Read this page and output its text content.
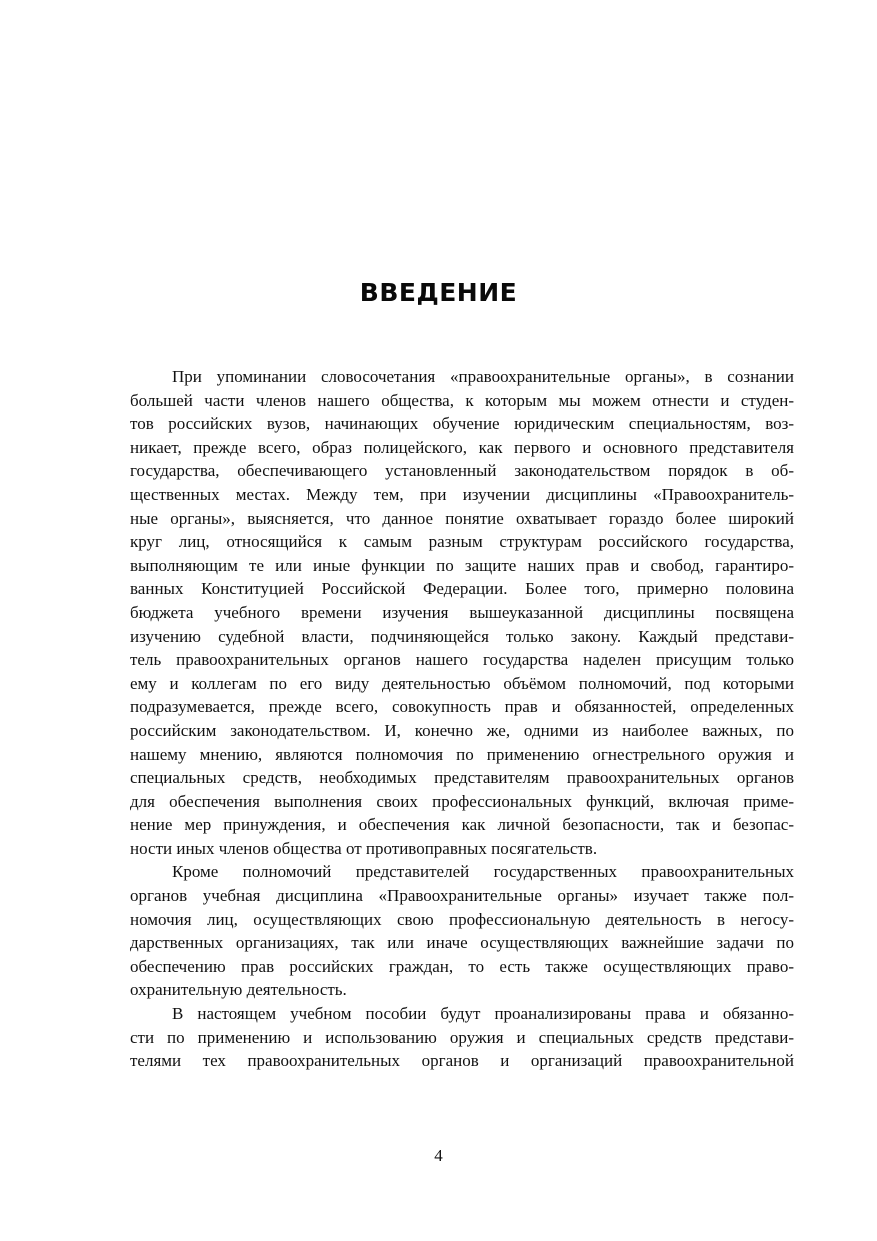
ВВЕДЕНИЕ
При упоминании словосочетания «правоохранительные органы», в сознании
большей части членов нашего общества, к которым мы можем отнести и студен-
тов российских вузов, начинающих обучение юридическим специальностям, воз-
никает, прежде всего, образ полицейского, как первого и основного представителя
государства, обеспечивающего установленный законодательством порядок в об-
щественных местах. Между тем, при изучении дисциплины «Правоохранитель-
ные органы», выясняется, что данное понятие охватывает гораздо более широкий
круг лиц, относящийся к самым разным структурам российского государства,
выполняющим те или иные функции по защите наших прав и свобод, гарантиро-
ванных Конституцией Российской Федерации. Более того, примерно половина
бюджета учебного времени изучения вышеуказанной дисциплины посвящена
изучению судебной власти, подчиняющейся только закону. Каждый представи-
тель правоохранительных органов нашего государства наделен присущим только
ему и коллегам по его виду деятельностью объёмом полномочий, под которыми
подразумевается, прежде всего, совокупность прав и обязанностей, определенных
российским законодательством. И, конечно же, одними из наиболее важных, по
нашему мнению, являются полномочия по применению огнестрельного оружия и
специальных средств, необходимых представителям правоохранительных органов
для обеспечения выполнения своих профессиональных функций, включая приме-
нение мер принуждения, и обеспечения как личной безопасности, так и безопас-
ности иных членов общества от противоправных посягательств.
Кроме полномочий представителей государственных правоохранительных
органов учебная дисциплина «Правоохранительные органы» изучает также пол-
номочия лиц, осуществляющих свою профессиональную деятельность в негосу-
дарственных организациях, так или иначе осуществляющих важнейшие задачи по
обеспечению прав российских граждан, то есть также осуществляющих право-
охранительную деятельность.
В настоящем учебном пособии будут проанализированы права и обязанно-
сти по применению и использованию оружия и специальных средств представи-
телями тех правоохранительных органов и организаций правоохранительной
4
